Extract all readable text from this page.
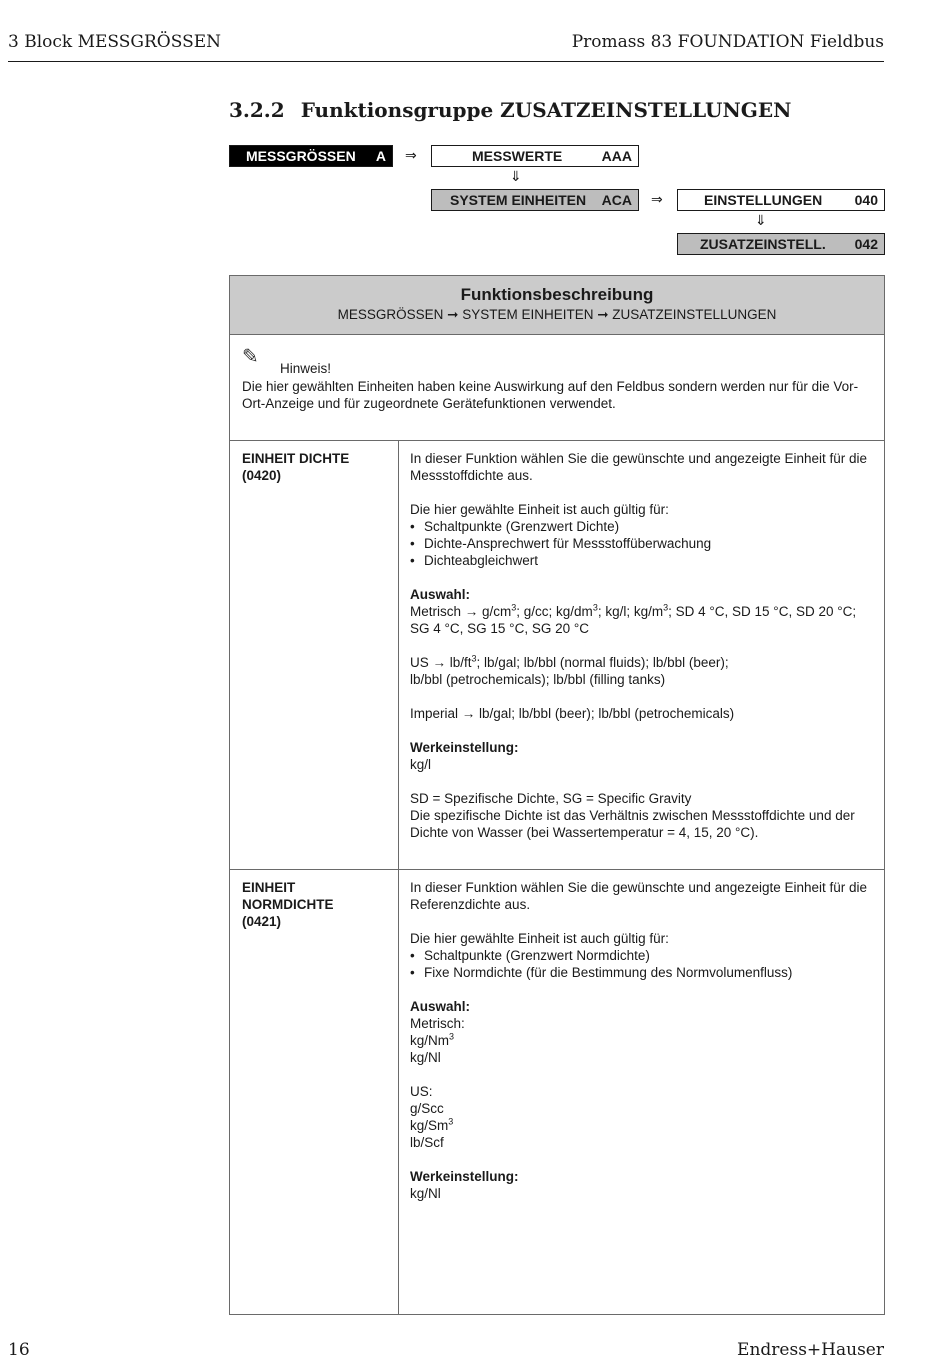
3 Block MESSGRÖSSEN	Promass 83 FOUNDATION Fieldbus
3.2.2 Funktionsgruppe ZUSATZEINSTELLUNGEN
MESSGRÖSSEN	A ⇒	MESSWERTE	AAA
⇓
SYSTEM EINHEITEN	ACA ⇒	EINSTELLUNGEN	040
⇓
ZUSATZEINSTELL.	042
Funktionsbeschreibung
MESSGRÖSSEN ➞ SYSTEM EINHEITEN ➞ ZUSATZEINSTELLUNGEN
✎
Hinweis!
Die hier gewählten Einheiten haben keine Auswirkung auf den Feldbus sondern werden nur für die Vor-Ort-Anzeige und für zugeordnete Gerätefunktionen verwendet.
EINHEIT DICHTE
(0420)

In dieser Funktion wählen Sie die gewünschte und angezeigte Einheit für die Messstoffdichte aus.

Die hier gewählte Einheit ist auch gültig für:

• Schaltpunkte (Grenzwert Dichte)
• Dichte-Ansprechwert für Messstoffüberwachung
• Dichteabgleichwert

Auswahl:

Metrisch → $g/cm^3$; g/cc; $kg/dm^3$; kg/l; $kg/m^3$; SD 4 °C, SD 15 °C, SD 20 °C;

SG 4 °C, SG 15 °C, SG 20 °C

US → $lb/ft^3$; lb/gal; lb/bbl (normal fluids); lb/bbl (beer);

lb/bbl (petrochemicals); lb/bbl (filling tanks)

Imperial → lb/gal; lb/bbl (beer); lb/bbl (petrochemicals)

Werkeinstellung:

kg/l

SD = Spezifische Dichte, SG = Specific Gravity

Die spezifische Dichte ist das Verhältnis zwischen Messstoffdichte und der Dichte von Wasser (bei Wassertemperatur = 4, 15, 20 °C).

EINHEIT
NORMDICHTE
(0421)

In dieser Funktion wählen Sie die gewünschte und angezeigte Einheit für die Referenzdichte aus.

Die hier gewählte Einheit ist auch gültig für:

• Schaltpunkte (Grenzwert Normdichte)
• Fixe Normdichte (für die Bestimmung des Normvolumenfluss)

Auswahl:

Metrisch:

kg/Nm$^3$

kg/Nl

US:

g/Scc

kg/Sm$^3$

lb/Scf

Werkeinstellung:

kg/Nl

16	Endress+Hauser
